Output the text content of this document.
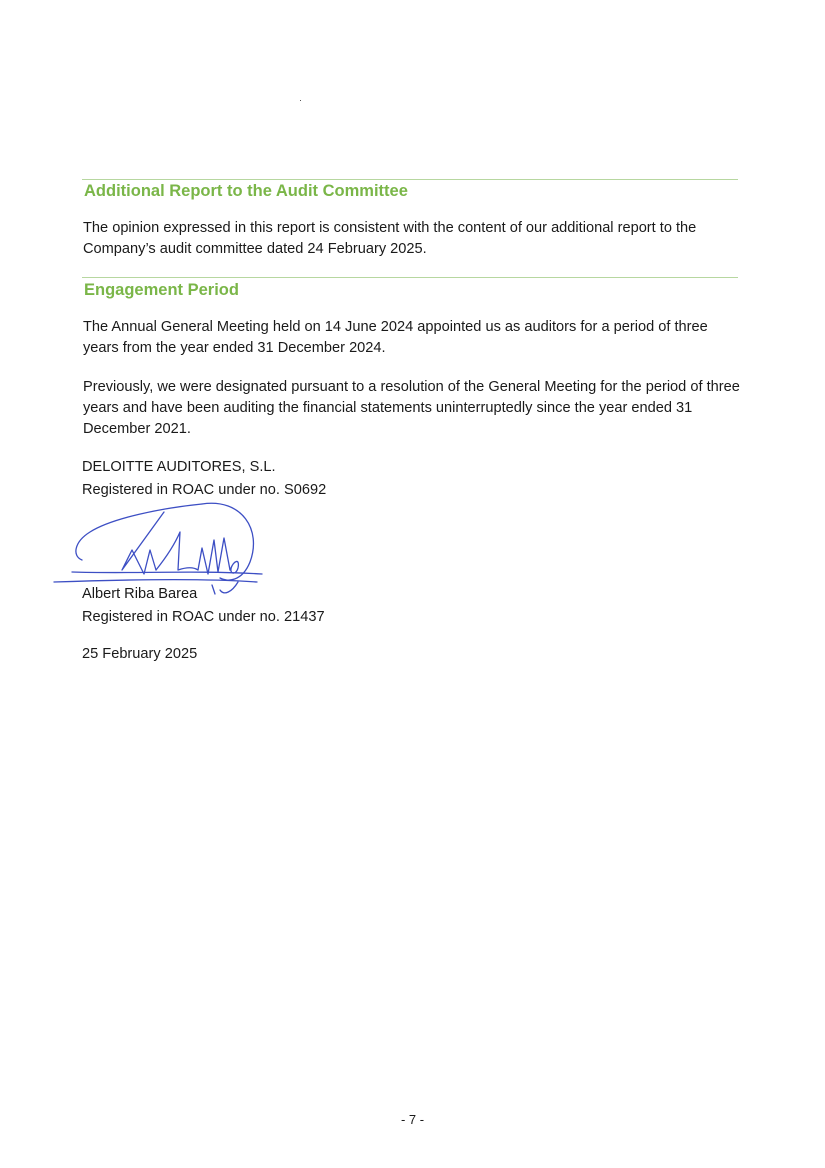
Additional Report to the Audit Committee

The opinion expressed in this report is consistent with the content of our additional report to the Company’s audit committee dated 24 February 2025.

Engagement Period

The Annual General Meeting held on 14 June 2024 appointed us as auditors for a period of three years from the year ended 31 December 2024.

Previously, we were designated pursuant to a resolution of the General Meeting for the period of three years and have been auditing the financial statements uninterruptedly since the year ended 31 December 2021.

DELOITTE AUDITORES, S.L.

Registered in ROAC under no. S0692

Albert Riba Barea

Registered in ROAC under no. 21437

25 February 2025

- 7 -
